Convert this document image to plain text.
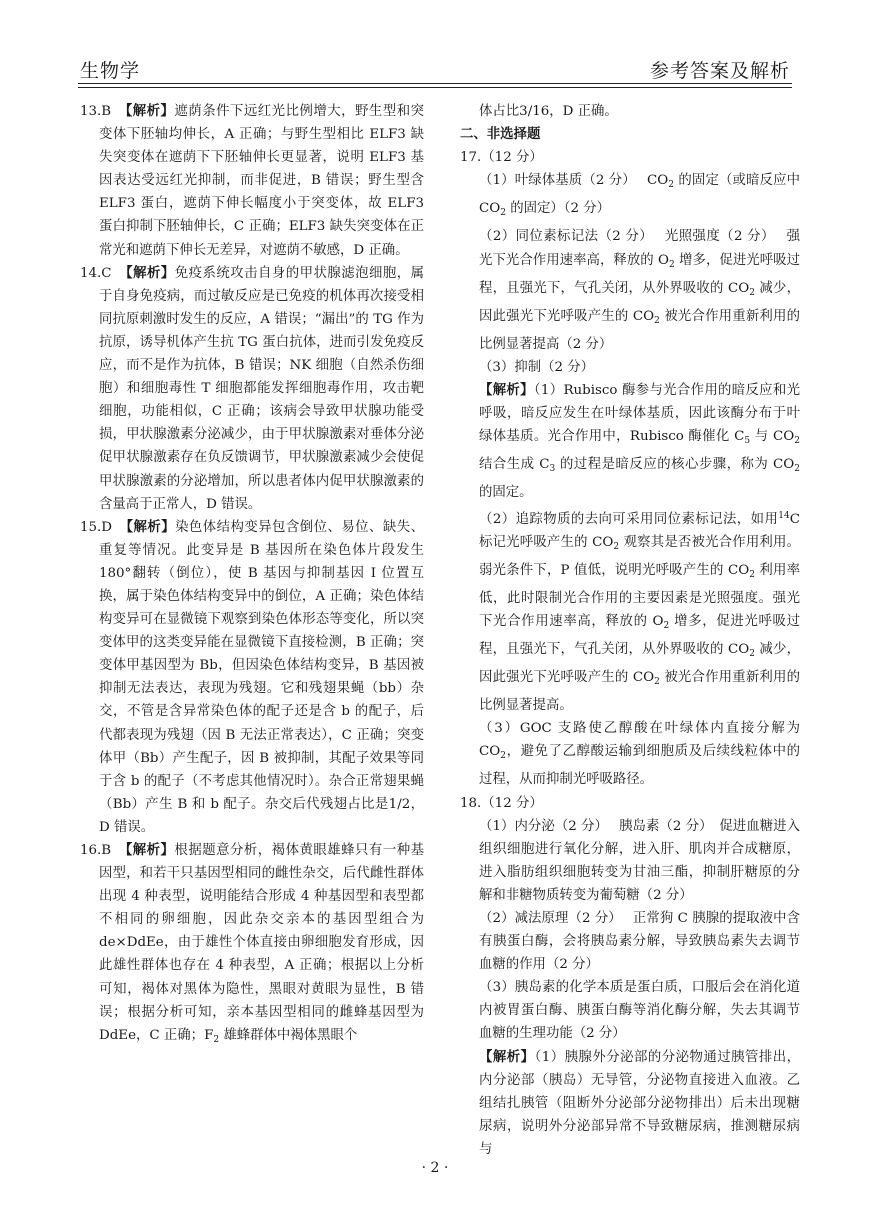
生物学	参考答案及解析

13.B　【解析】遮荫条件下远红光比例增大，野生型和突变体下胚轴均伸长，A 正确；与野生型相比 ELF3 缺失突变体在遮荫下下胚轴伸长更显著，说明 ELF3 基因表达受远红光抑制，而非促进，B 错误；野生型含 ELF3 蛋白，遮荫下伸长幅度小于突变体，故 ELF3 蛋白抑制下胚轴伸长，C 正确；ELF3 缺失突变体在正常光和遮荫下伸长无差异，对遮荫不敏感，D 正确。

14.C　【解析】免疫系统攻击自身的甲状腺滤泡细胞，属于自身免疫病，而过敏反应是已免疫的机体再次接受相同抗原刺激时发生的反应，A 错误；“漏出”的 TG 作为抗原，诱导机体产生抗 TG 蛋白抗体，进而引发免疫反应，而不是作为抗体，B 错误；NK 细胞（自然杀伤细胞）和细胞毒性 T 细胞都能发挥细胞毒作用，攻击靶细胞，功能相似，C 正确；该病会导致甲状腺功能受损，甲状腺激素分泌减少，由于甲状腺激素对垂体分泌促甲状腺激素存在负反馈调节，甲状腺激素减少会使促甲状腺激素的分泌增加，所以患者体内促甲状腺激素的含量高于正常人，D 错误。

15.D　【解析】染色体结构变异包含倒位、易位、缺失、重复等情况。此变异是 B 基因所在染色体片段发生 180°翻转（倒位），使 B 基因与抑制基因 I 位置互换，属于染色体结构变异中的倒位，A 正确；染色体结构变异可在显微镜下观察到染色体形态等变化，所以突变体甲的这类变异能在显微镜下直接检测，B 正确；突变体甲基因型为 Bb，但因染色体结构变异，B 基因被抑制无法表达，表现为残翅。它和残翅果蝇（bb）杂交，不管是含异常染色体的配子还是含 b 的配子，后代都表现为残翅（因 B 无法正常表达），C 正确；突变体甲（Bb）产生配子，因 B 被抑制，其配子效果等同于含 b 的配子（不考虑其他情况时）。杂合正常翅果蝇（Bb）产生 B 和 b 配子。杂交后代残翅占比是1/2，D 错误。

16.B　【解析】根据题意分析，褐体黄眼雄蜂只有一种基因型，和若干只基因型相同的雌性杂交，后代雌性群体出现 4 种表型，说明能结合形成 4 种基因型和表型都不相同的卵细胞，因此杂交亲本的基因型组合为 de×DdEe，由于雄性个体直接由卵细胞发育形成，因此雄性群体也存在 4 种表型，A 正确；根据以上分析可知，褐体对黑体为隐性，黑眼对黄眼为显性，B 错误；根据分析可知，亲本基因型相同的雌蜂基因型为 DdEe，C 正确；$F_2$ 雄蜂群体中褐体黑眼个

体占比3/16，D 正确。

二、非选择题

17.（12 分）

（1）叶绿体基质（2 分）　 $CO_2$ 的固定（或暗反应中 $CO_2$ 的固定）（2 分）

（2）同位素标记法（2 分）　 光照强度（2 分）　 强光下光合作用速率高，释放的 $O_2$ 增多，促进光呼吸过程，且强光下，气孔关闭，从外界吸收的 $CO_2$ 减少，因此强光下光呼吸产生的 $CO_2$ 被光合作用重新利用的比例显著提高（2 分）

（3）抑制（2 分）

【解析】（1）Rubisco 酶参与光合作用的暗反应和光呼吸，暗反应发生在叶绿体基质，因此该酶分布于叶绿体基质。光合作用中，Rubisco 酶催化 $C_5$ 与 $CO_2$ 结合生成 $C_3$ 的过程是暗反应的核心步骤，称为 $CO_2$ 的固定。

（2）追踪物质的去向可采用同位素标记法，如用$^{14}$C 标记光呼吸产生的 $CO_2$ 观察其是否被光合作用利用。弱光条件下，P 值低，说明光呼吸产生的 $CO_2$ 利用率低，此时限制光合作用的主要因素是光照强度。强光下光合作用速率高，释放的 $O_2$ 增多，促进光呼吸过程，且强光下，气孔关闭，从外界吸收的 $CO_2$ 减少，因此强光下光呼吸产生的 $CO_2$ 被光合作用重新利用的比例显著提高。

（3）GOC 支路使乙醇酸在叶绿体内直接分解为 $CO_2$，避免了乙醇酸运输到细胞质及后续线粒体中的过程，从而抑制光呼吸路径。

18.（12 分）

（1）内分泌（2 分）　 胰岛素（2 分）　促进血糖进入组织细胞进行氧化分解，进入肝、肌肉并合成糖原，进入脂肪组织细胞转变为甘油三酯，抑制肝糖原的分解和非糖物质转变为葡萄糖（2 分）

（2）减法原理（2 分）　 正常狗 C 胰腺的提取液中含有胰蛋白酶，会将胰岛素分解，导致胰岛素失去调节血糖的作用（2 分）

（3）胰岛素的化学本质是蛋白质，口服后会在消化道内被胃蛋白酶、胰蛋白酶等消化酶分解，失去其调节血糖的生理功能（2 分）

【解析】（1）胰腺外分泌部的分泌物通过胰管排出，内分泌部（胰岛）无导管，分泌物直接进入血液。乙组结扎胰管（阻断外分泌部分泌物排出）后未出现糖尿病，说明外分泌部异常不导致糖尿病，推测糖尿病与

· 2 ·
